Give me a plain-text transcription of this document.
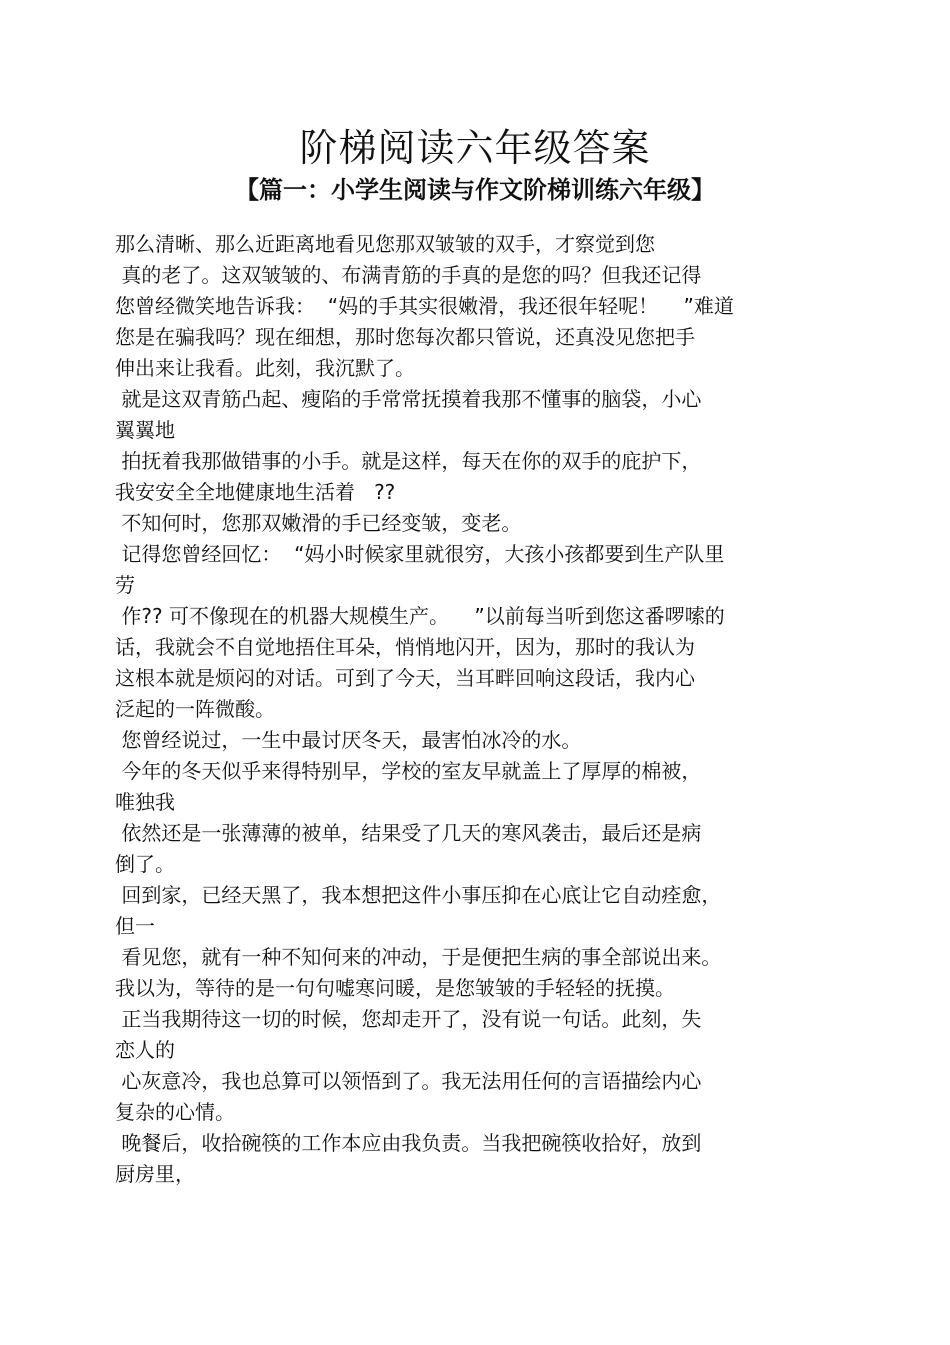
阶梯阅读六年级答案
【篇一：小学生阅读与作文阶梯训练六年级】
那么清晰、那么近距离地看见您那双皱皱的双手，才察觉到您
真的老了。这双皱皱的、布满青筋的手真的是您的吗？但我还记得
您曾经微笑地告诉我：  “妈的手其实很嫩滑，我还很年轻呢！    ”难道
您是在骗我吗？现在细想，那时您每次都只管说，还真没见您把手
伸出来让我看。此刻，我沉默了。
就是这双青筋凸起、瘦陷的手常常抚摸着我那不懂事的脑袋，小心
翼翼地
拍抚着我那做错事的小手。就是这样，每天在你的双手的庇护下，
我安安全全地健康地生活着   ??
不知何时，您那双嫩滑的手已经变皱，变老。
记得您曾经回忆：  “妈小时候家里就很穷，大孩小孩都要到生产队里
劳
作?? 可不像现在的机器大规模生产。    ”以前每当听到您这番啰嗦的
话，我就会不自觉地捂住耳朵，悄悄地闪开，因为，那时的我认为
这根本就是烦闷的对话。可到了今天，当耳畔回响这段话，我内心
泛起的一阵微酸。
您曾经说过，一生中最讨厌冬天，最害怕冰冷的水。
今年的冬天似乎来得特别早，学校的室友早就盖上了厚厚的棉被，
唯独我
依然还是一张薄薄的被单，结果受了几天的寒风袭击，最后还是病
倒了。
回到家，已经天黑了，我本想把这件小事压抑在心底让它自动痊愈，
但一
看见您，就有一种不知何来的冲动，于是便把生病的事全部说出来。
我以为，等待的是一句句嘘寒问暖，是您皱皱的手轻轻的抚摸。
正当我期待这一切的时候，您却走开了，没有说一句话。此刻，失
恋人的
心灰意冷，我也总算可以领悟到了。我无法用任何的言语描绘内心
复杂的心情。
晚餐后，收拾碗筷的工作本应由我负责。当我把碗筷收拾好，放到
厨房里，
